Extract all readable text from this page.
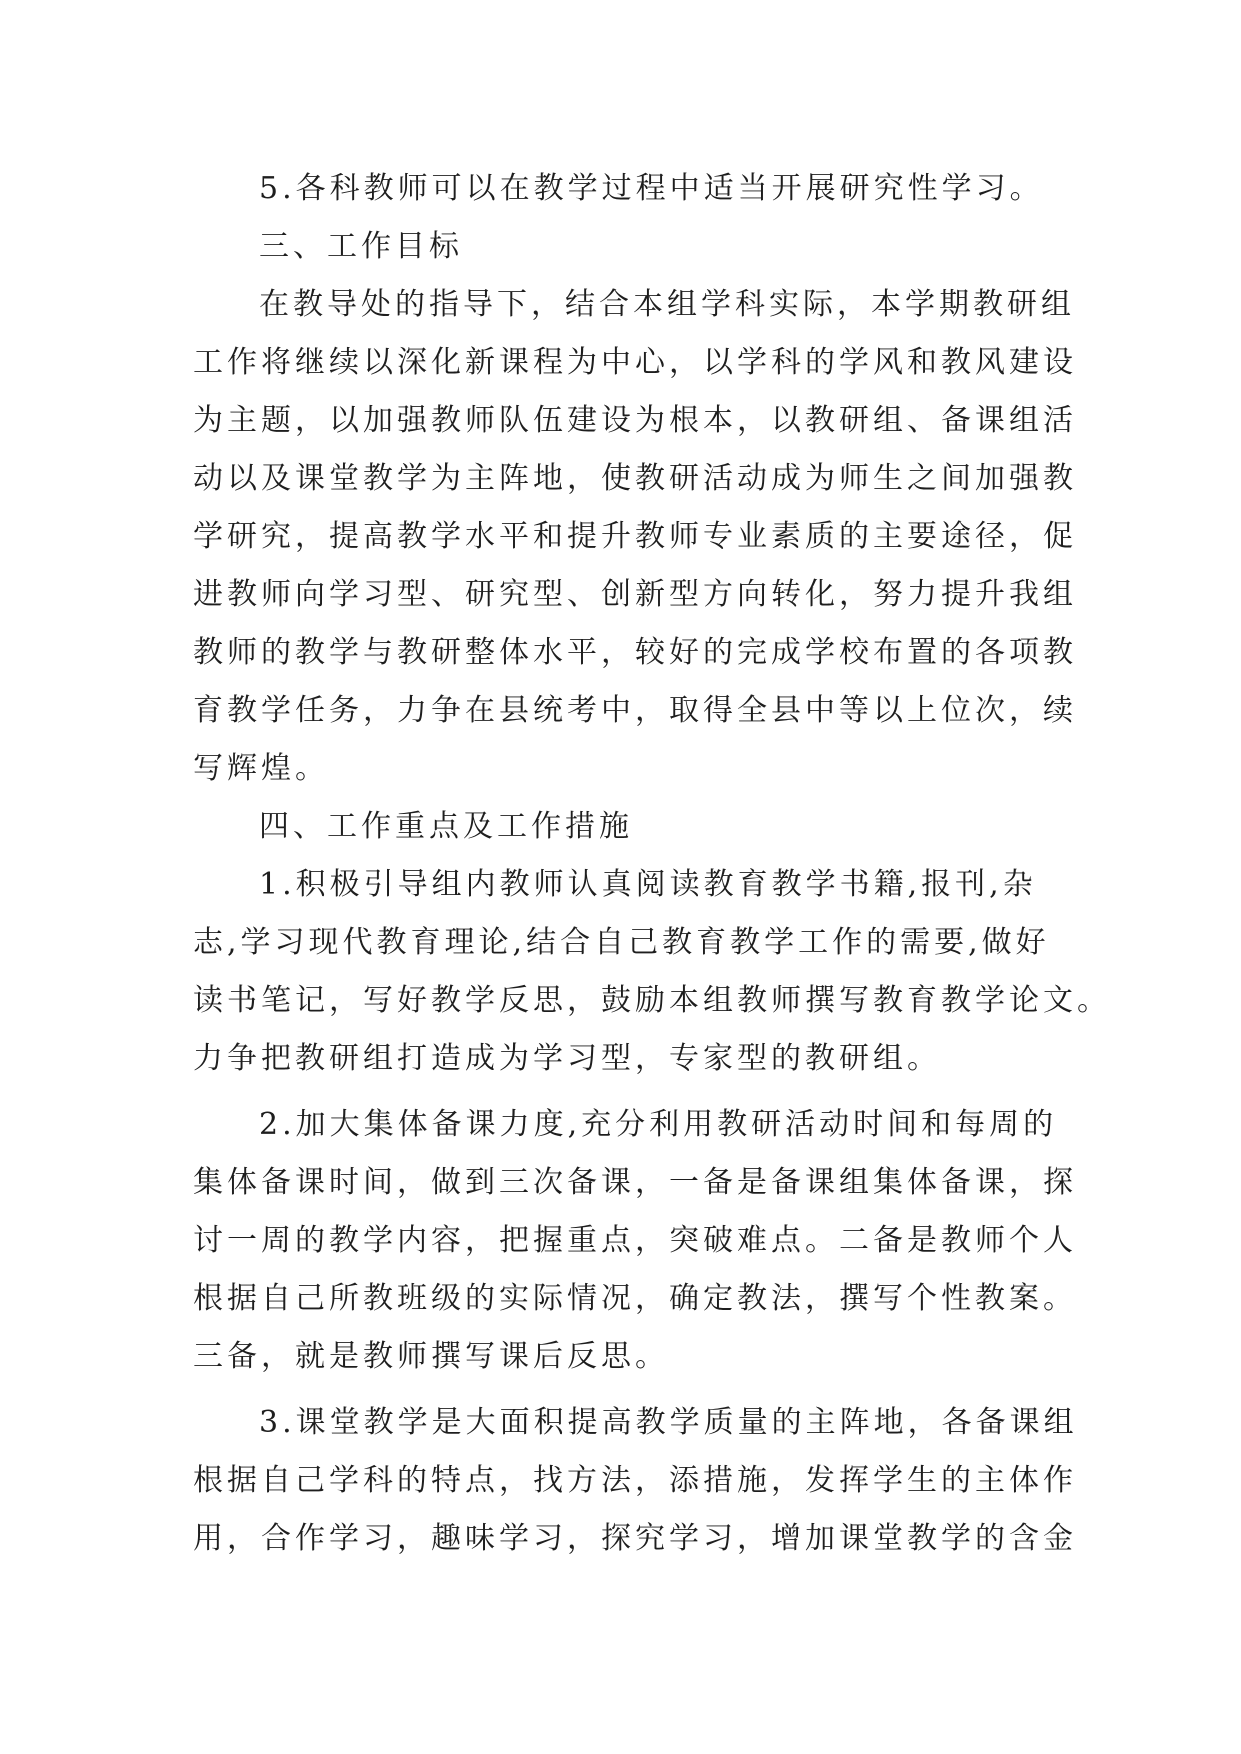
5.各科教师可以在教学过程中适当开展研究性学习。
三、工作目标
在教导处的指导下，结合本组学科实际，本学期教研组
工作将继续以深化新课程为中心，以学科的学风和教风建设
为主题，以加强教师队伍建设为根本，以教研组、备课组活
动以及课堂教学为主阵地，使教研活动成为师生之间加强教
学研究，提高教学水平和提升教师专业素质的主要途径，促
进教师向学习型、研究型、创新型方向转化，努力提升我组
教师的教学与教研整体水平，较好的完成学校布置的各项教
育教学任务，力争在县统考中，取得全县中等以上位次，续
写辉煌。
四、工作重点及工作措施
1.积极引导组内教师认真阅读教育教学书籍,报刊,杂
志,学习现代教育理论,结合自己教育教学工作的需要,做好
读书笔记，写好教学反思，鼓励本组教师撰写教育教学论文。
力争把教研组打造成为学习型，专家型的教研组。
2.加大集体备课力度,充分利用教研活动时间和每周的
集体备课时间，做到三次备课，一备是备课组集体备课，探
讨一周的教学内容，把握重点，突破难点。二备是教师个人
根据自己所教班级的实际情况，确定教法，撰写个性教案。
三备，就是教师撰写课后反思。
3.课堂教学是大面积提高教学质量的主阵地，各备课组
根据自己学科的特点，找方法，添措施，发挥学生的主体作
用，合作学习，趣味学习，探究学习，增加课堂教学的含金
